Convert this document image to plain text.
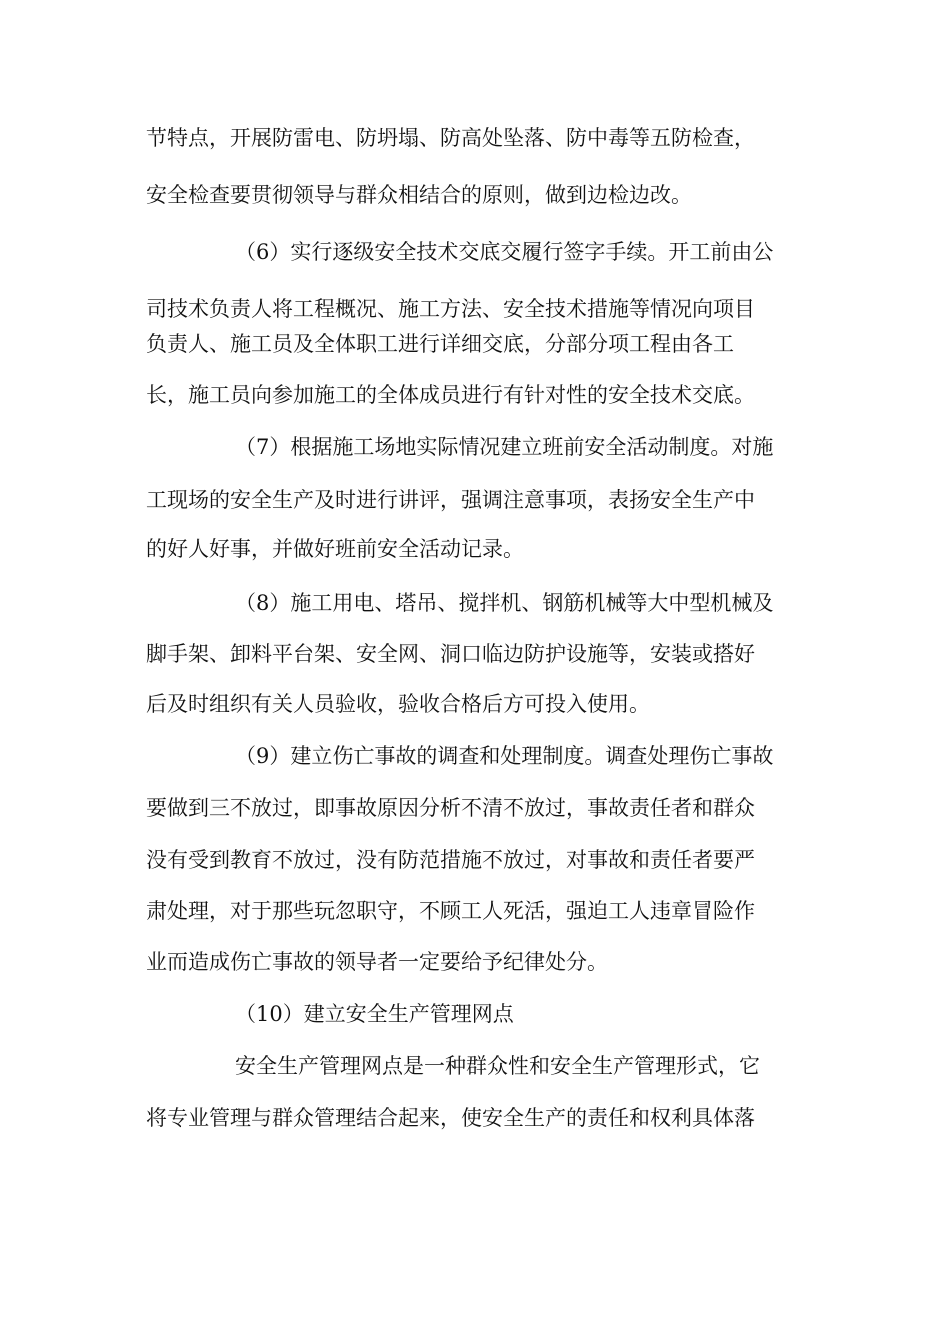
节特点，开展防雷电、防坍塌、防高处坠落、防中毒等五防检查，
安全检查要贯彻领导与群众相结合的原则，做到边检边改。
（6）实行逐级安全技术交底交履行签字手续。开工前由公
司技术负责人将工程概况、施工方法、安全技术措施等情况向项目
负责人、施工员及全体职工进行详细交底，分部分项工程由各工
长，施工员向参加施工的全体成员进行有针对性的安全技术交底。
（7）根据施工场地实际情况建立班前安全活动制度。对施
工现场的安全生产及时进行讲评，强调注意事项，表扬安全生产中
的好人好事，并做好班前安全活动记录。
（8）施工用电、塔吊、搅拌机、钢筋机械等大中型机械及
脚手架、卸料平台架、安全网、洞口临边防护设施等，安装或搭好
后及时组织有关人员验收，验收合格后方可投入使用。
（9）建立伤亡事故的调查和处理制度。调查处理伤亡事故
要做到三不放过，即事故原因分析不清不放过，事故责任者和群众
没有受到教育不放过，没有防范措施不放过，对事故和责任者要严
肃处理，对于那些玩忽职守，不顾工人死活，强迫工人违章冒险作
业而造成伤亡事故的领导者一定要给予纪律处分。
（10）建立安全生产管理网点
安全生产管理网点是一种群众性和安全生产管理形式，它
将专业管理与群众管理结合起来，使安全生产的责任和权利具体落
